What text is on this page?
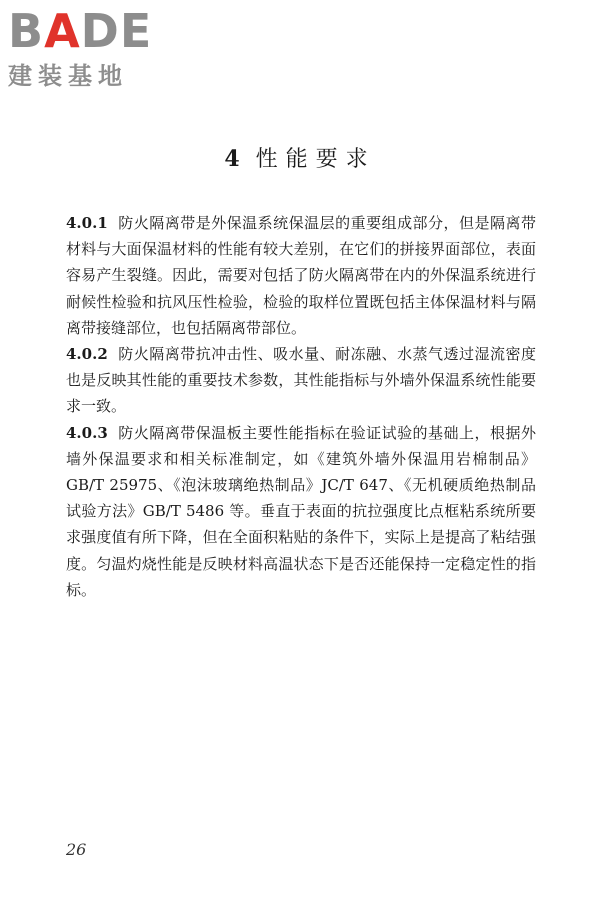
BADE
建装基地
4 性能要求

4.0.1 防火隔离带是外保温系统保温层的重要组成部分，但是隔离带材料与大面保温材料的性能有较大差别，在它们的拼接界面部位，表面容易产生裂缝。因此，需要对包括了防火隔离带在内的外保温系统进行耐候性检验和抗风压性检验，检验的取样位置既包括主体保温材料与隔离带接缝部位，也包括隔离带部位。

4.0.2 防火隔离带抗冲击性、吸水量、耐冻融、水蒸气透过湿流密度也是反映其性能的重要技术参数，其性能指标与外墙外保温系统性能要求一致。

4.0.3 防火隔离带保温板主要性能指标在验证试验的基础上，根据外墙外保温要求和相关标准制定，如《建筑外墙外保温用岩棉制品》GB/T 25975、《泡沫玻璃绝热制品》JC/T 647、《无机硬质绝热制品试验方法》GB/T 5486 等。垂直于表面的抗拉强度比点框粘系统所要求强度值有所下降，但在全面积粘贴的条件下，实际上是提高了粘结强度。匀温灼烧性能是反映材料高温状态下是否还能保持一定稳定性的指标。

26
